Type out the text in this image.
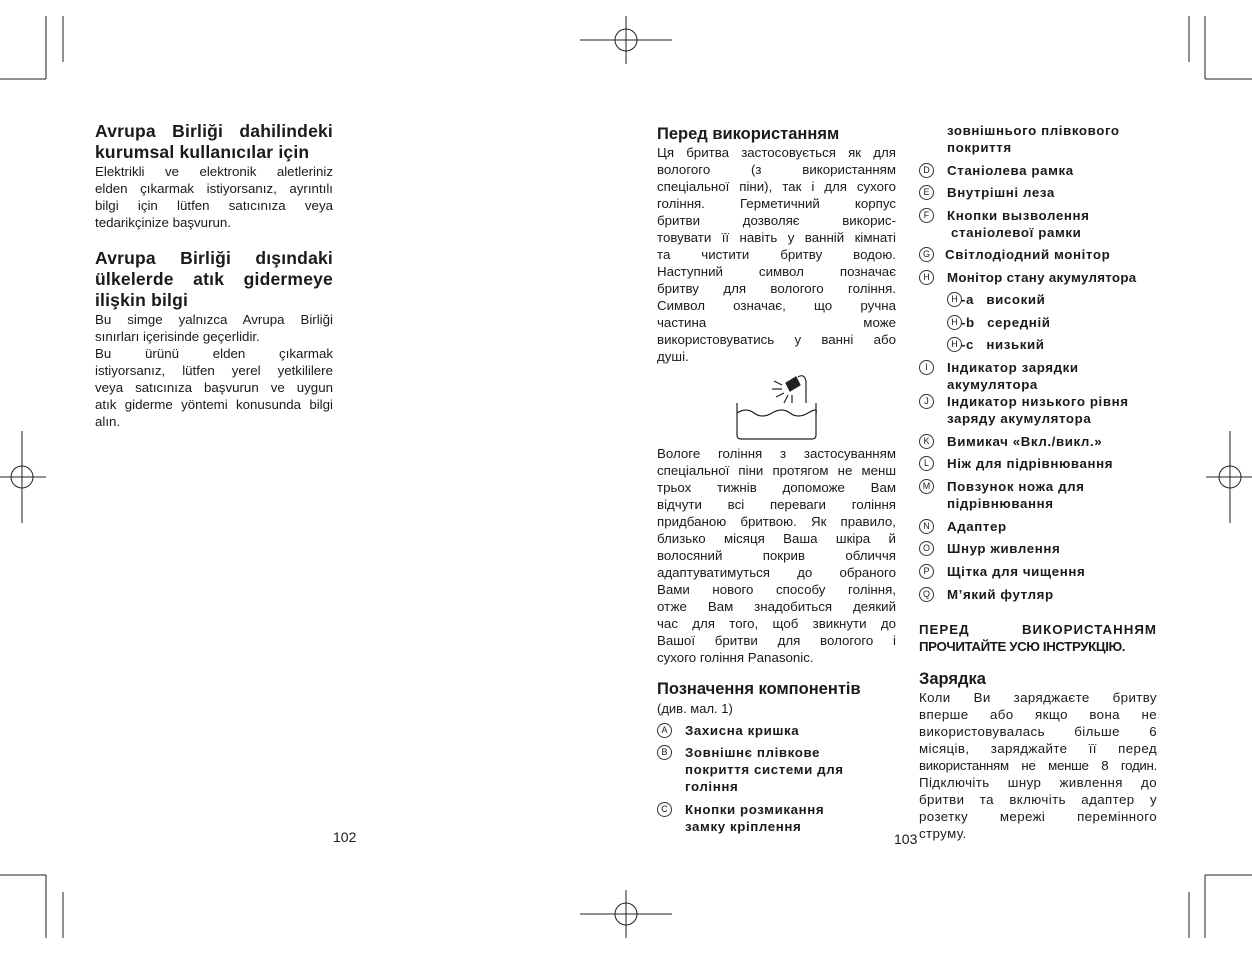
Avrupa Birliği dahilindeki
kurumsal kullanıcılar için
Elektrikli ve elektronik aletleriniz
elden çıkarmak istiyorsanız, ayrıntılı
bilgi için lütfen satıcınıza veya
tedarikçinize başvurun.
Avrupa Birliği dışındaki
ülkelerde atık gidermeye
ilişkin bilgi
Bu simge yalnızca Avrupa Birliği
sınırları içerisinde geçerlidir.
Bu ürünü elden çıkarmak
istiyorsanız, lütfen yerel yetkililere
veya satıcınıza başvurun ve uygun
atık giderme yöntemi konusunda bilgi
alın.
102
Перед використанням
Ця бритва застосовується як для
вологого (з використанням
спеціальної піни), так і для сухого
гоління. Герметичний корпус
бритви дозволяє викорис-
товувати її навіть у ванній кімнаті
та чистити бритву водою.
Наступний символ позначає
бритву для вологого гоління.
Символ означає, що ручна
частина може
використовуватись у ванні або
душі.
Вологе гоління з застосуванням
спеціальної піни протягом не менш
трьох тижнів допоможе Вам
відчути всі переваги гоління
придбаною бритвою. Як правило,
близько місяця Ваша шкіра й
волосяний покрив обличчя
адаптуватимуться до обраного
Вами нового способу гоління,
отже Вам знадобиться деякий
час для того, щоб звикнути до
Вашої бритви для вологого і
сухого гоління Panasonic.
Позначення компонентів
(див. мал. 1)
A	Захисна кришка
B	Зовнішнє плівкове
покриття системи для
гоління
C	Кнопки розмикання
замку кріплення
103
зовнішнього плівкового
покриття
D	Станіолева рамка
E	Внутрішні леза
F	Кнопки вызволення
станіолевої рамки
G	Світлодіодний монітор
H	Монітор стану акумулятора
H -a високий
H -b середній
H -c низький
I	Індикатор зарядки
акумулятора
J	Індикатор низького рівня
заряду акумулятора
K	Вимикач «Вкл./викл.»
L	Ніж для підрівнювання
M Повзунок ножа для
підрівнювання
N	Адаптер
O	Шнур живлення
P	Щітка для чищення
Q	М’який футляр
ПЕРЕД ВИКОРИСТАННЯМ
ПРОЧИТАЙТЕ УСЮ ІНСТРУКЦІЮ.
Зарядка
Коли Ви заряджаєте бритву
вперше або якщо вона не
використовувалась більше 6
місяців, заряджайте її перед
використанням не менше 8 годин.
Підключіть шнур живлення до
бритви та включіть адаптер у
розетку мережі перемінного
струму.
